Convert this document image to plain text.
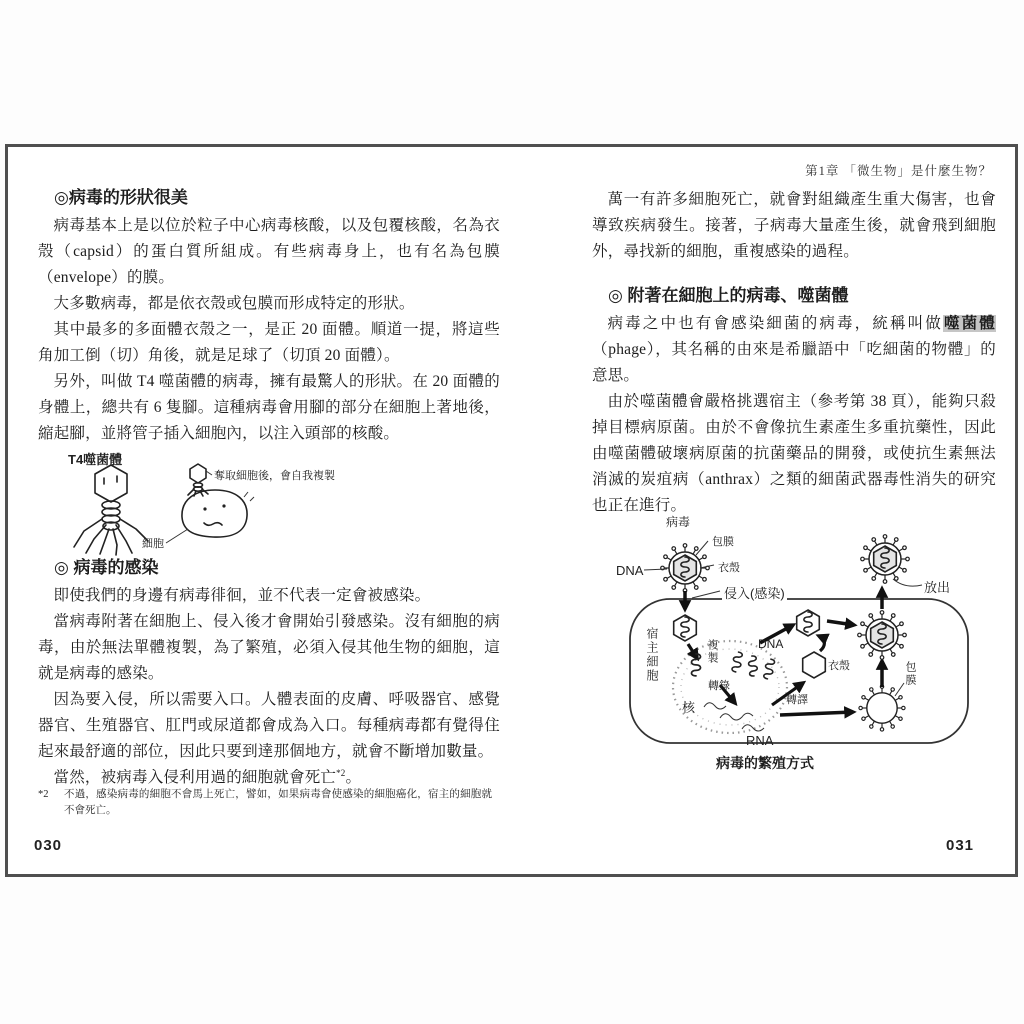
◎病毒的形狀很美

病毒基本上是以位於粒子中心病毒核酸，以及包覆核酸，名為衣殼（capsid）的蛋白質所組成。有些病毒身上，也有名為包膜（envelope）的膜。

大多數病毒，都是依衣殼或包膜而形成特定的形狀。

其中最多的多面體衣殼之一，是正 20 面體。順道一提，將這些角加工倒（切）角後，就是足球了（切頂 20 面體）。

另外，叫做 T4 噬菌體的病毒，擁有最驚人的形狀。在 20 面體的身體上，總共有 6 隻腳。這種病毒會用腳的部分在細胞上著地後，縮起腳，並將管子插入細胞內，以注入頭部的核酸。

T4噬菌體
奪取細胞後，會自我複製
細胞
◎ 病毒的感染

即使我們的身邊有病毒徘徊，並不代表一定會被感染。

當病毒附著在細胞上、侵入後才會開始引發感染。沒有細胞的病毒，由於無法單體複製，為了繁殖，必須入侵其他生物的細胞，這就是病毒的感染。

因為要入侵，所以需要入口。人體表面的皮膚、呼吸器官、感覺器官、生殖器官、肛門或尿道都會成為入口。每種病毒都有覺得住起來最舒適的部位，因此只要到達那個地方，就會不斷增加數量。

當然，被病毒入侵利用過的細胞就會死亡$^{*2}$。

*2	不過，感染病毒的細胞不會馬上死亡，譬如，如果病毒會使感染的細胞癌化，宿主的細胞就不會死亡。
030
第1章 「微生物」是什麼生物？

萬一有許多細胞死亡，就會對組織產生重大傷害，也會導致疾病發生。接著，子病毒大量產生後，就會飛到細胞外，尋找新的細胞，重複感染的過程。

◎ 附著在細胞上的病毒、噬菌體

病毒之中也有會感染細菌的病毒，統稱叫做噬菌體（phage），其名稱的由來是希臘語中「吃細菌的物體」的意思。

由於噬菌體會嚴格挑選宿主（參考第 38 頁），能夠只殺掉目標病原菌。由於不會像抗生素產生多重抗藥性，因此由噬菌體破壞病原菌的抗菌藥品的開發，或使抗生素無法消滅的炭疽病（anthrax）之類的細菌武器毒性消失的研究也正在進行。

病毒
包膜
衣殼
DNA
侵入(感染)
宿主細胞	複製	DNA
轉錄
核
RNA
轉譯
衣殼	包膜
放出
病毒的繁殖方式
031
